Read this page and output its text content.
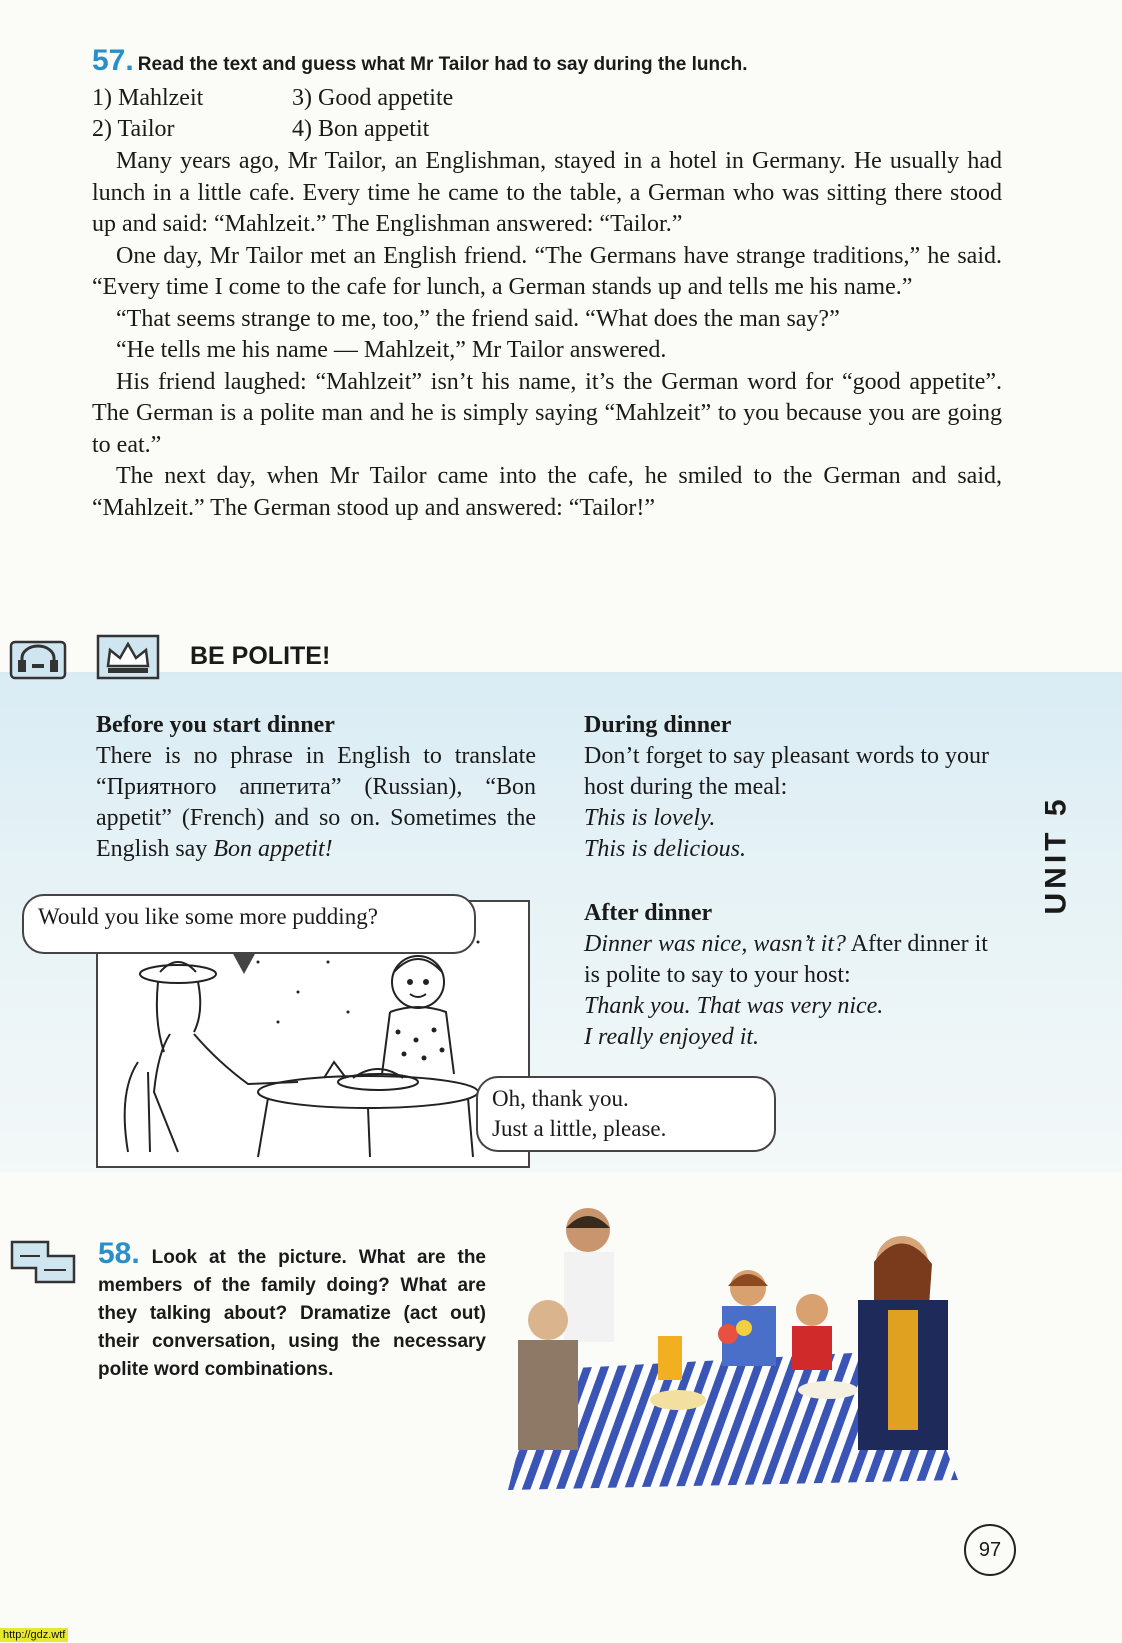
57. Read the text and guess what Mr Tailor had to say during the lunch.
1) Mahlzeit
2) Tailor
3) Good appetite
4) Bon appetit

Many years ago, Mr Tailor, an Englishman, stayed in a hotel in Germany. He usually had lunch in a little cafe. Every time he came to the table, a German who was sitting there stood up and said: “Mahlzeit.” The Englishman answered: “Tailor.”

One day, Mr Tailor met an English friend. “The Germans have strange traditions,” he said. “Every time I come to the cafe for lunch, a German stands up and tells me his name.”

“That seems strange to me, too,” the friend said. “What does the man say?”

“He tells me his name — Mahlzeit,” Mr Tailor answered.

His friend laughed: “Mahlzeit” isn’t his name, it’s the German word for “good appetite”. The German is a polite man and he is simply saying “Mahlzeit” to you because you are going to eat.”

The next day, when Mr Tailor came into the cafe, he smiled to the German and said, “Mahlzeit.” The German stood up and answered: “Tailor!”

BE POLITE!
Before you start dinner
There is no phrase in English to translate “Приятного аппетита” (Russian), “Bon appetit” (French) and so on. Sometimes the English say Bon appetit!
During dinner
Don’t forget to say pleasant words to your host during the meal:
This is lovely.
This is delicious.
After dinner
Dinner was nice, wasn’t it? After dinner it is polite to say to your host:
Thank you. That was very nice.
I really enjoyed it.
Would you like some more pudding?
Oh, thank you.
Just a little, please.
UNIT 5
58. Look at the picture. What are the members of the family doing? What are they talking about? Dramatize (act out) their conversation, using the necessary polite word combinations.
97
http://gdz.wtf
